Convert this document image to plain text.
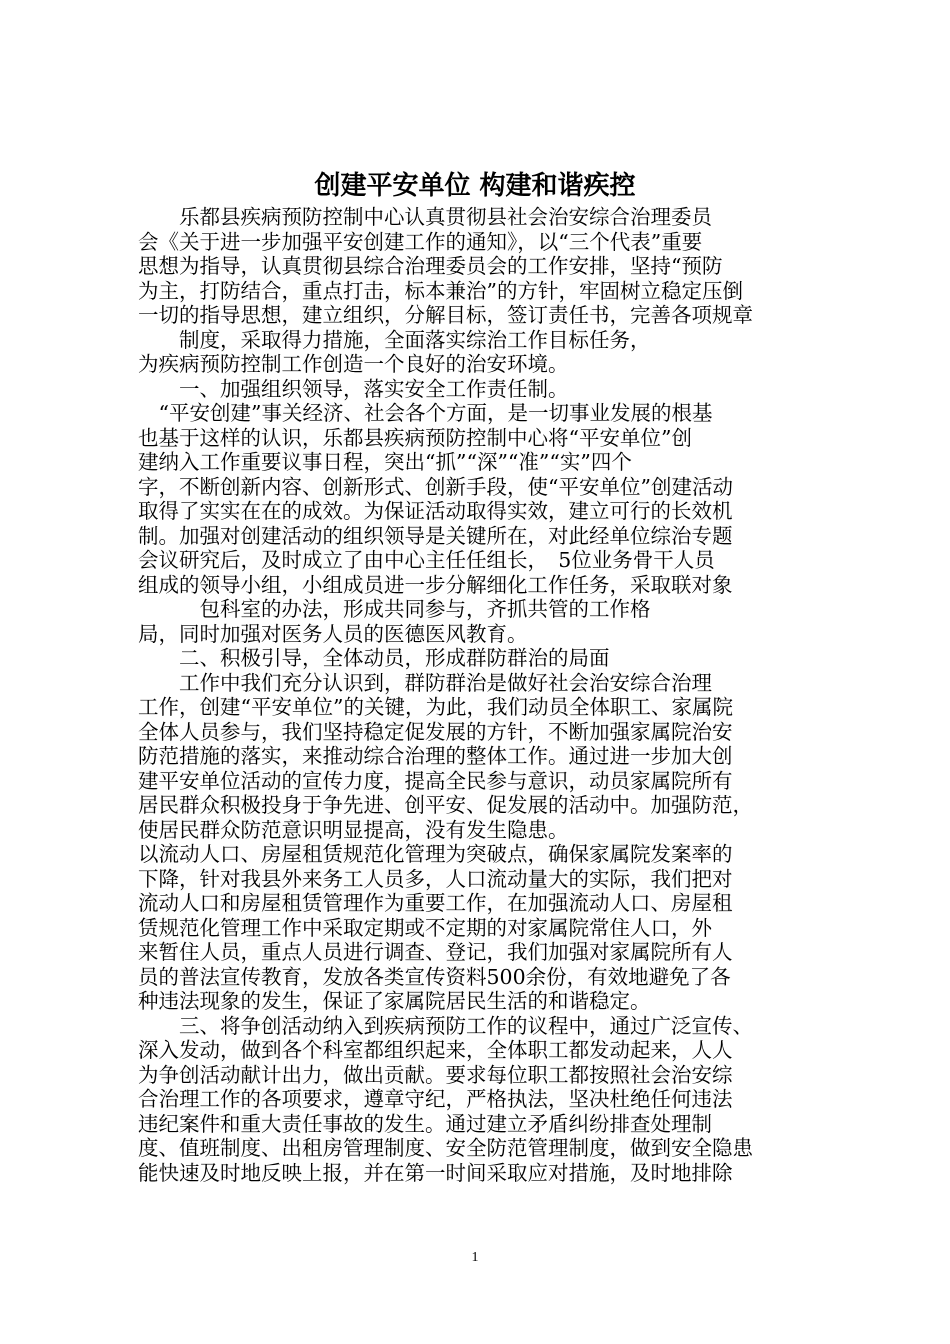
创建平安单位 构建和谐疾控
　　乐都县疾病预防控制中心认真贯彻县社会治安综合治理委员
会《关于进一步加强平安创建工作的通知》，以“三个代表”重要
思想为指导，认真贯彻县综合治理委员会的工作安排，坚持“预防
为主，打防结合，重点打击，标本兼治”的方针，牢固树立稳定压倒
一切的指导思想，建立组织，分解目标，签订责任书，完善各项规章
　　制度，采取得力措施，全面落实综治工作目标任务，
为疾病预防控制工作创造一个良好的治安环境。
　　一、加强组织领导，落实安全工作责任制。
　“平安创建”事关经济、社会各个方面，是一切事业发展的根基
也基于这样的认识，乐都县疾病预防控制中心将“平安单位”创
建纳入工作重要议事日程，突出“抓”“深”“准”“实”四个
字，不断创新内容、创新形式、创新手段，使“平安单位”创建活动
取得了实实在在的成效。为保证活动取得实效，建立可行的长效机
制。加强对创建活动的组织领导是关键所在，对此经单位综治专题
会议研究后，及时成立了由中心主任任组长，　5位业务骨干人员
组成的领导小组，小组成员进一步分解细化工作任务，采取联对象
　　　包科室的办法，形成共同参与，齐抓共管的工作格
局，同时加强对医务人员的医德医风教育。
　　二、积极引导，全体动员，形成群防群治的局面
　　工作中我们充分认识到，群防群治是做好社会治安综合治理
工作，创建“平安单位”的关键，为此，我们动员全体职工、家属院
全体人员参与，我们坚持稳定促发展的方针，不断加强家属院治安
防范措施的落实，来推动综合治理的整体工作。通过进一步加大创
建平安单位活动的宣传力度，提高全民参与意识，动员家属院所有
居民群众积极投身于争先进、创平安、促发展的活动中。加强防范，
使居民群众防范意识明显提高，没有发生隐患。
以流动人口、房屋租赁规范化管理为突破点，确保家属院发案率的
下降，针对我县外来务工人员多，人口流动量大的实际，我们把对
流动人口和房屋租赁管理作为重要工作，在加强流动人口、房屋租
赁规范化管理工作中采取定期或不定期的对家属院常住人口，外
来暂住人员，重点人员进行调查、登记，我们加强对家属院所有人
员的普法宣传教育，发放各类宣传资料500余份，有效地避免了各
种违法现象的发生，保证了家属院居民生活的和谐稳定。
　　三、将争创活动纳入到疾病预防工作的议程中，通过广泛宣传、
深入发动，做到各个科室都组织起来，全体职工都发动起来，人人
为争创活动献计出力，做出贡献。要求每位职工都按照社会治安综
合治理工作的各项要求，遵章守纪，严格执法，坚决杜绝任何违法
违纪案件和重大责任事故的发生。通过建立矛盾纠纷排查处理制
度、值班制度、出租房管理制度、安全防范管理制度，做到安全隐患
能快速及时地反映上报，并在第一时间采取应对措施，及时地排除
1
